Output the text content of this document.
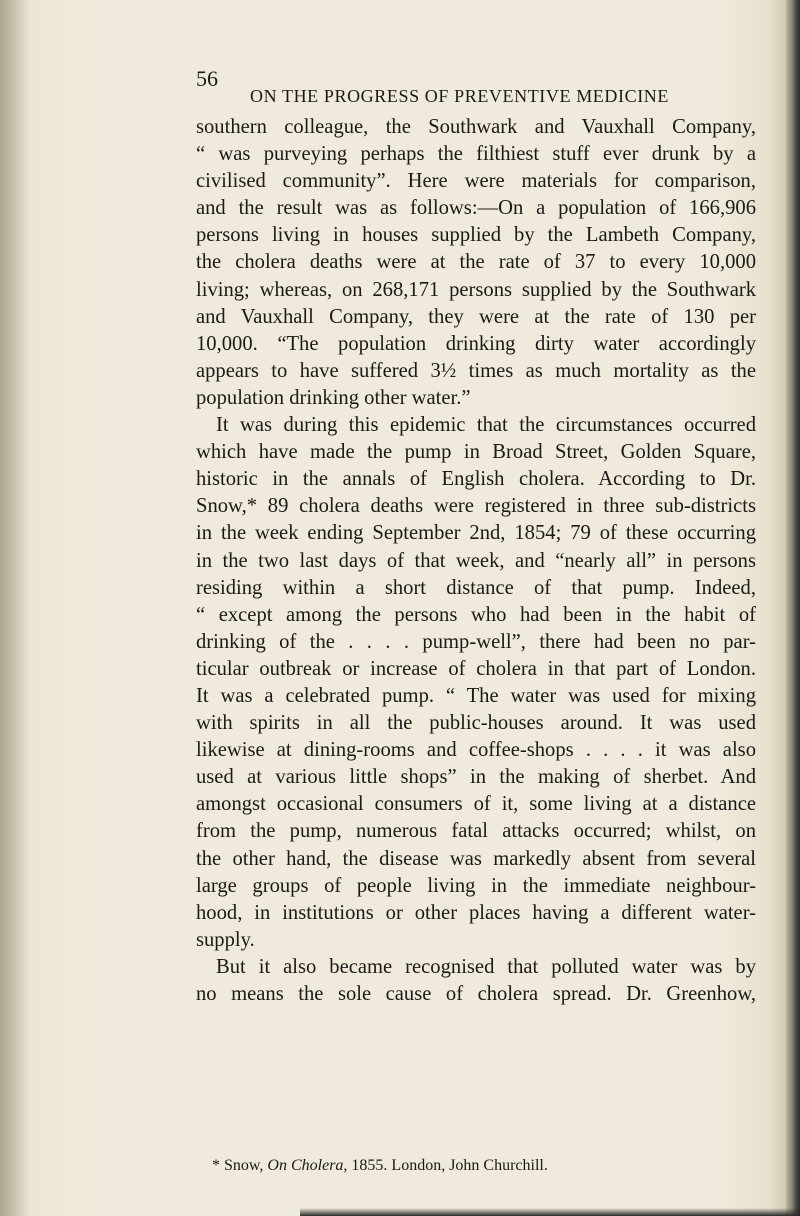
56
ON THE PROGRESS OF PREVENTIVE MEDICINE
southern colleague, the Southwark and Vauxhall Company,
“ was purveying perhaps the filthiest stuff ever drunk by a
civilised community”. Here were materials for comparison,
and the result was as follows:—On a population of 166,906
persons living in houses supplied by the Lambeth Company,
the cholera deaths were at the rate of 37 to every 10,000
living; whereas, on 268,171 persons supplied by the Southwark
and Vauxhall Company, they were at the rate of 130 per
10,000. “The population drinking dirty water accordingly
appears to have suffered 3½ times as much mortality as the
population drinking other water.”
It was during this epidemic that the circumstances occurred
which have made the pump in Broad Street, Golden Square,
historic in the annals of English cholera. According to Dr.
Snow,* 89 cholera deaths were registered in three sub-districts
in the week ending September 2nd, 1854; 79 of these occurring
in the two last days of that week, and “nearly all” in persons
residing within a short distance of that pump. Indeed,
“ except among the persons who had been in the habit of
drinking of the . . . . pump-well”, there had been no par-
ticular outbreak or increase of cholera in that part of London.
It was a celebrated pump. “ The water was used for mixing
with spirits in all the public-houses around. It was used
likewise at dining-rooms and coffee-shops . . . . it was also
used at various little shops” in the making of sherbet. And
amongst occasional consumers of it, some living at a distance
from the pump, numerous fatal attacks occurred; whilst, on
the other hand, the disease was markedly absent from several
large groups of people living in the immediate neighbour-
hood, in institutions or other places having a different water-
supply.
But it also became recognised that polluted water was by
no means the sole cause of cholera spread. Dr. Greenhow,
* Snow, On Cholera, 1855. London, John Churchill.
